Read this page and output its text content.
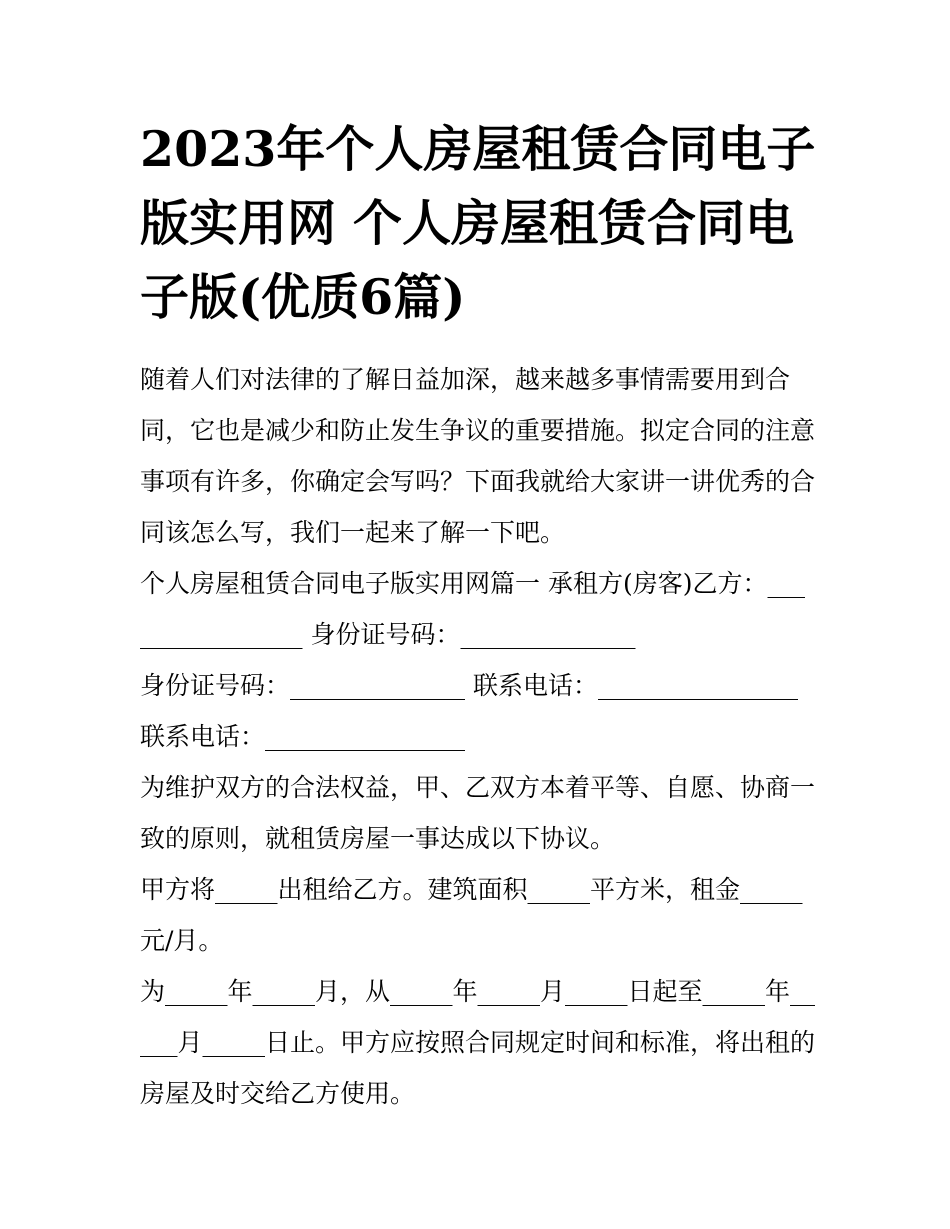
2023年个人房屋租赁合同电子版实用网 个人房屋租赁合同电子版(优质6篇)

随着人们对法律的了解日益加深，越来越多事情需要用到合同，它也是减少和防止发生争议的重要措施。拟定合同的注意事项有许多，你确定会写吗？下面我就给大家讲一讲优秀的合同该怎么写，我们一起来了解一下吧。

个人房屋租赁合同电子版实用网篇一 承租方(房客)乙方：________________ 身份证号码：______________

身份证号码：______________ 联系电话：________________ 联系电话：________________

为维护双方的合法权益，甲、乙双方本着平等、自愿、协商一致的原则，就租赁房屋一事达成以下协议。

甲方将_____出租给乙方。建筑面积_____平方米，租金_____元/月。

为_____年_____月，从_____年_____月_____日起至_____年_____月_____日止。甲方应按照合同规定时间和标准，将出租的房屋及时交给乙方使用。
